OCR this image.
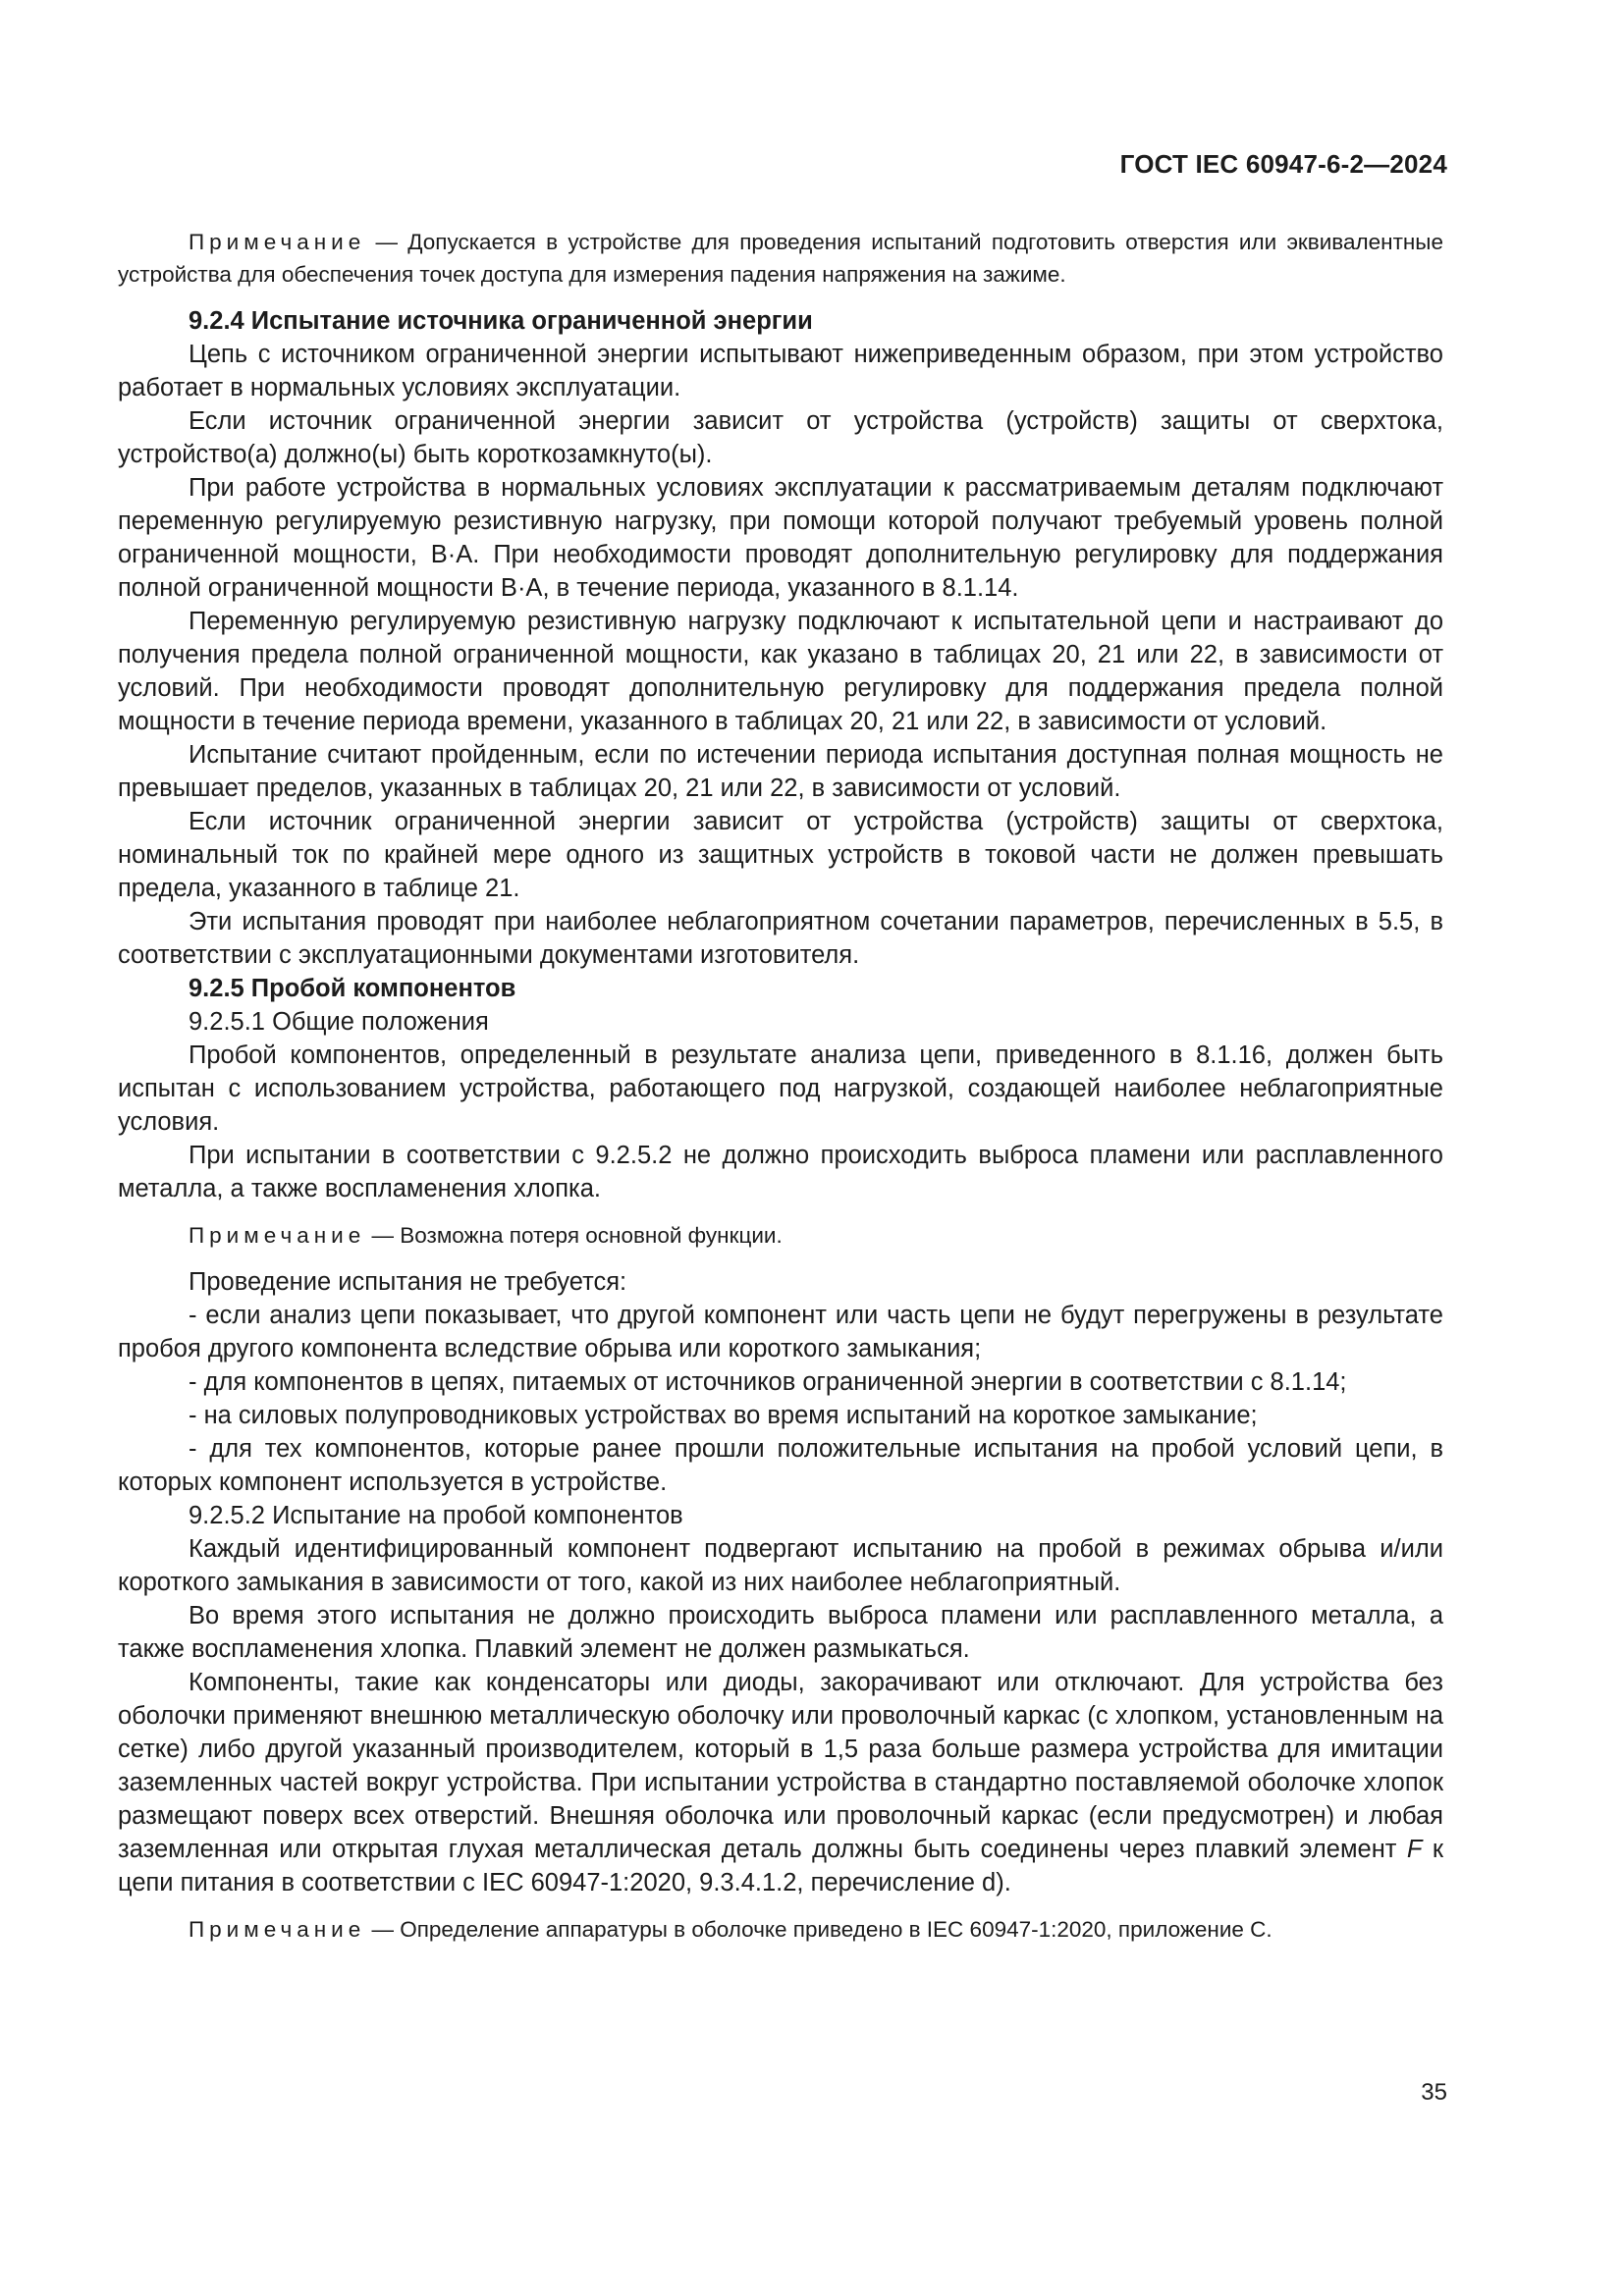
ГОСТ IEC 60947-6-2—2024

Примечание — Допускается в устройстве для проведения испытаний подготовить отверстия или эквивалентные устройства для обеспечения точек доступа для измерения падения напряжения на зажиме.

9.2.4 Испытание источника ограниченной энергии

Цепь с источником ограниченной энергии испытывают нижеприведенным образом, при этом устройство работает в нормальных условиях эксплуатации.

Если источник ограниченной энергии зависит от устройства (устройств) защиты от сверхтока, устройство(а) должно(ы) быть короткозамкнуто(ы).

При работе устройства в нормальных условиях эксплуатации к рассматриваемым деталям подключают переменную регулируемую резистивную нагрузку, при помощи которой получают требуемый уровень полной ограниченной мощности, В·А. При необходимости проводят дополнительную регулировку для поддержания полной ограниченной мощности В·А, в течение периода, указанного в 8.1.14.

Переменную регулируемую резистивную нагрузку подключают к испытательной цепи и настраивают до получения предела полной ограниченной мощности, как указано в таблицах 20, 21 или 22, в зависимости от условий. При необходимости проводят дополнительную регулировку для поддержания предела полной мощности в течение периода времени, указанного в таблицах 20, 21 или 22, в зависимости от условий.

Испытание считают пройденным, если по истечении периода испытания доступная полная мощность не превышает пределов, указанных в таблицах 20, 21 или 22, в зависимости от условий.

Если источник ограниченной энергии зависит от устройства (устройств) защиты от сверхтока, номинальный ток по крайней мере одного из защитных устройств в токовой части не должен превышать предела, указанного в таблице 21.

Эти испытания проводят при наиболее неблагоприятном сочетании параметров, перечисленных в 5.5, в соответствии с эксплуатационными документами изготовителя.

9.2.5 Пробой компонентов

9.2.5.1 Общие положения

Пробой компонентов, определенный в результате анализа цепи, приведенного в 8.1.16, должен быть испытан с использованием устройства, работающего под нагрузкой, создающей наиболее неблагоприятные условия.

При испытании в соответствии с 9.2.5.2 не должно происходить выброса пламени или расплавленного металла, а также воспламенения хлопка.

Примечание — Возможна потеря основной функции.

Проведение испытания не требуется:

- если анализ цепи показывает, что другой компонент или часть цепи не будут перегружены в результате пробоя другого компонента вследствие обрыва или короткого замыкания;

- для компонентов в цепях, питаемых от источников ограниченной энергии в соответствии с 8.1.14;

- на силовых полупроводниковых устройствах во время испытаний на короткое замыкание;

- для тех компонентов, которые ранее прошли положительные испытания на пробой условий цепи, в которых компонент используется в устройстве.

9.2.5.2 Испытание на пробой компонентов

Каждый идентифицированный компонент подвергают испытанию на пробой в режимах обрыва и/или короткого замыкания в зависимости от того, какой из них наиболее неблагоприятный.

Во время этого испытания не должно происходить выброса пламени или расплавленного металла, а также воспламенения хлопка. Плавкий элемент не должен размыкаться.

Компоненты, такие как конденсаторы или диоды, закорачивают или отключают. Для устройства без оболочки применяют внешнюю металлическую оболочку или проволочный каркас (с хлопком, установленным на сетке) либо другой указанный производителем, который в 1,5 раза больше размера устройства для имитации заземленных частей вокруг устройства. При испытании устройства в стандартно поставляемой оболочке хлопок размещают поверх всех отверстий. Внешняя оболочка или проволочный каркас (если предусмотрен) и любая заземленная или открытая глухая металлическая деталь должны быть соединены через плавкий элемент F к цепи питания в соответствии с IEC 60947-1:2020, 9.3.4.1.2, перечисление d).

Примечание — Определение аппаратуры в оболочке приведено в IEC 60947-1:2020, приложение C.

35
